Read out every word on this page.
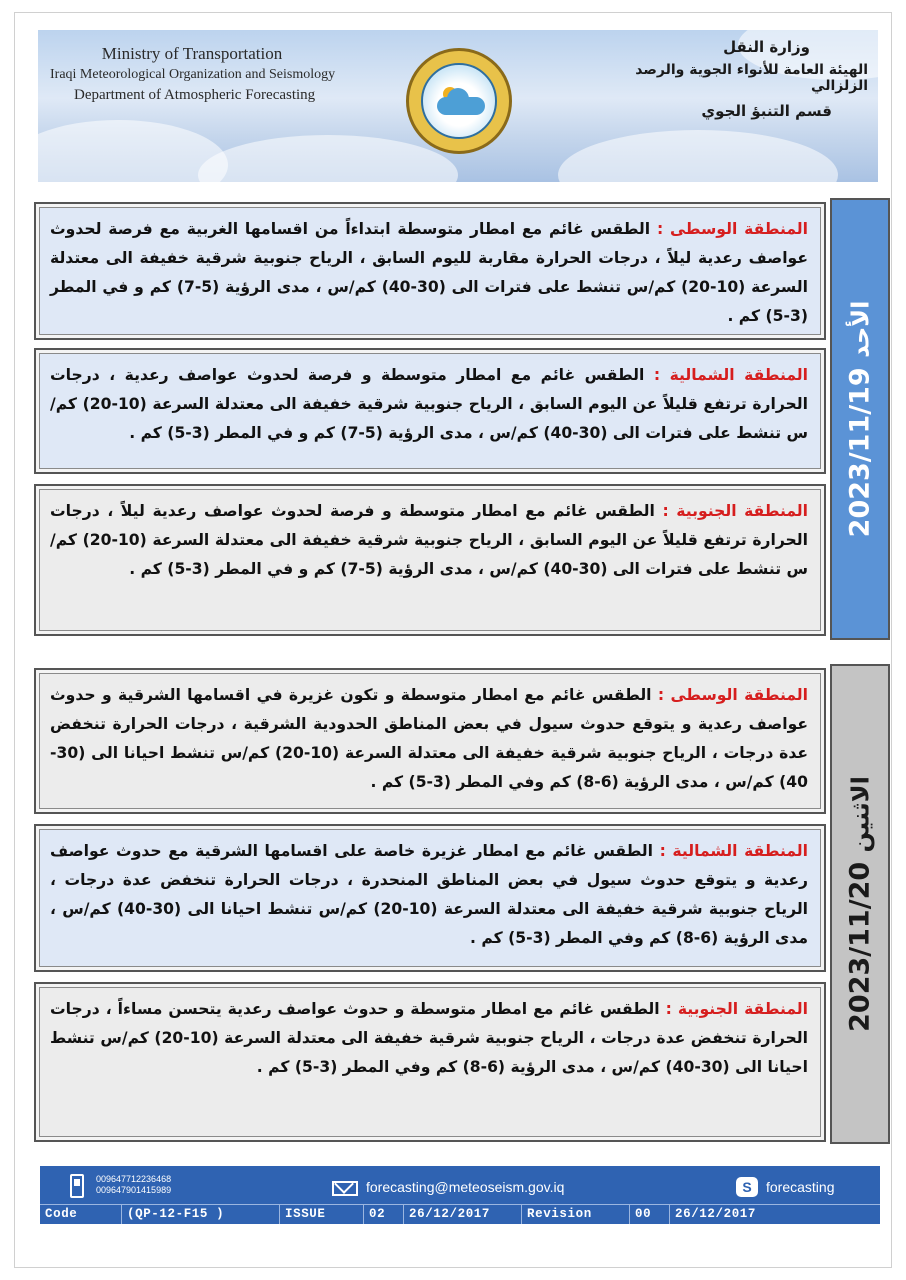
Ministry of Transportation
Iraqi Meteorological Organization and Seismology
Department of Atmospheric Forecasting
وزارة النقل
الهيئة العامة للأنواء الجوية والرصد الزلزالي
قسم التنبؤ الجوي
المنطقة الوسطى : الطقس غائم مع امطار متوسطة ابتداءاً من اقسامها الغربية مع فرصة لحدوث عواصف رعدية ليلاً ، درجات الحرارة مقاربة لليوم السابق ، الرياح جنوبية شرقية خفيفة الى معتدلة السرعة (10-20) كم/س تنشط على فترات الى (30-40) كم/س ، مدى الرؤية (5-7) كم و في المطر (3-5) كم .
المنطقة الشمالية : الطقس غائم مع امطار متوسطة و فرصة لحدوث عواصف رعدية ، درجات الحرارة ترتفع قليلاً عن اليوم السابق ، الرياح جنوبية شرقية خفيفة الى معتدلة السرعة (10-20) كم/س تنشط على فترات الى (30-40) كم/س ، مدى الرؤية (5-7) كم و في المطر (3-5) كم .
المنطقة الجنوبية : الطقس غائم مع امطار متوسطة و فرصة لحدوث عواصف رعدية ليلاً ، درجات الحرارة ترتفع قليلاً عن اليوم السابق ، الرياح جنوبية شرقية خفيفة الى معتدلة السرعة (10-20) كم/س تنشط على فترات الى (30-40) كم/س ، مدى الرؤية (5-7) كم و في المطر (3-5) كم .
الأحد 2023/11/19
المنطقة الوسطى : الطقس غائم مع امطار متوسطة و تكون غزيرة في اقسامها الشرقية و حدوث عواصف رعدية و يتوقع حدوث سيول في بعض المناطق الحدودية الشرقية ، درجات الحرارة تنخفض عدة درجات ، الرياح جنوبية شرقية خفيفة الى معتدلة السرعة (10-20) كم/س تنشط احيانا الى (30-40) كم/س ، مدى الرؤية (6-8) كم وفي المطر (3-5) كم .
المنطقة الشمالية : الطقس غائم مع امطار غزيرة خاصة على اقسامها الشرقية مع حدوث عواصف رعدية و يتوقع حدوث سيول في بعض المناطق المنحدرة ، درجات الحرارة تنخفض عدة درجات ، الرياح جنوبية شرقية خفيفة الى معتدلة السرعة (10-20) كم/س تنشط احيانا الى (30-40) كم/س ، مدى الرؤية (6-8) كم وفي المطر (3-5) كم .
المنطقة الجنوبية : الطقس غائم مع امطار متوسطة و حدوث عواصف رعدية يتحسن مساءاً ، درجات الحرارة تنخفض عدة درجات ، الرياح جنوبية شرقية خفيفة الى معتدلة السرعة (10-20) كم/س تنشط احيانا الى (30-40) كم/س ، مدى الرؤية (6-8) كم وفي المطر (3-5) كم .
الاثنين 2023/11/20
009647712236468
009647901415989	forecasting@meteoseism.gov.iq	S	forecasting
Code	(QP-12-F15 )	ISSUE	02	26/12/2017	Revision	00	26/12/2017
